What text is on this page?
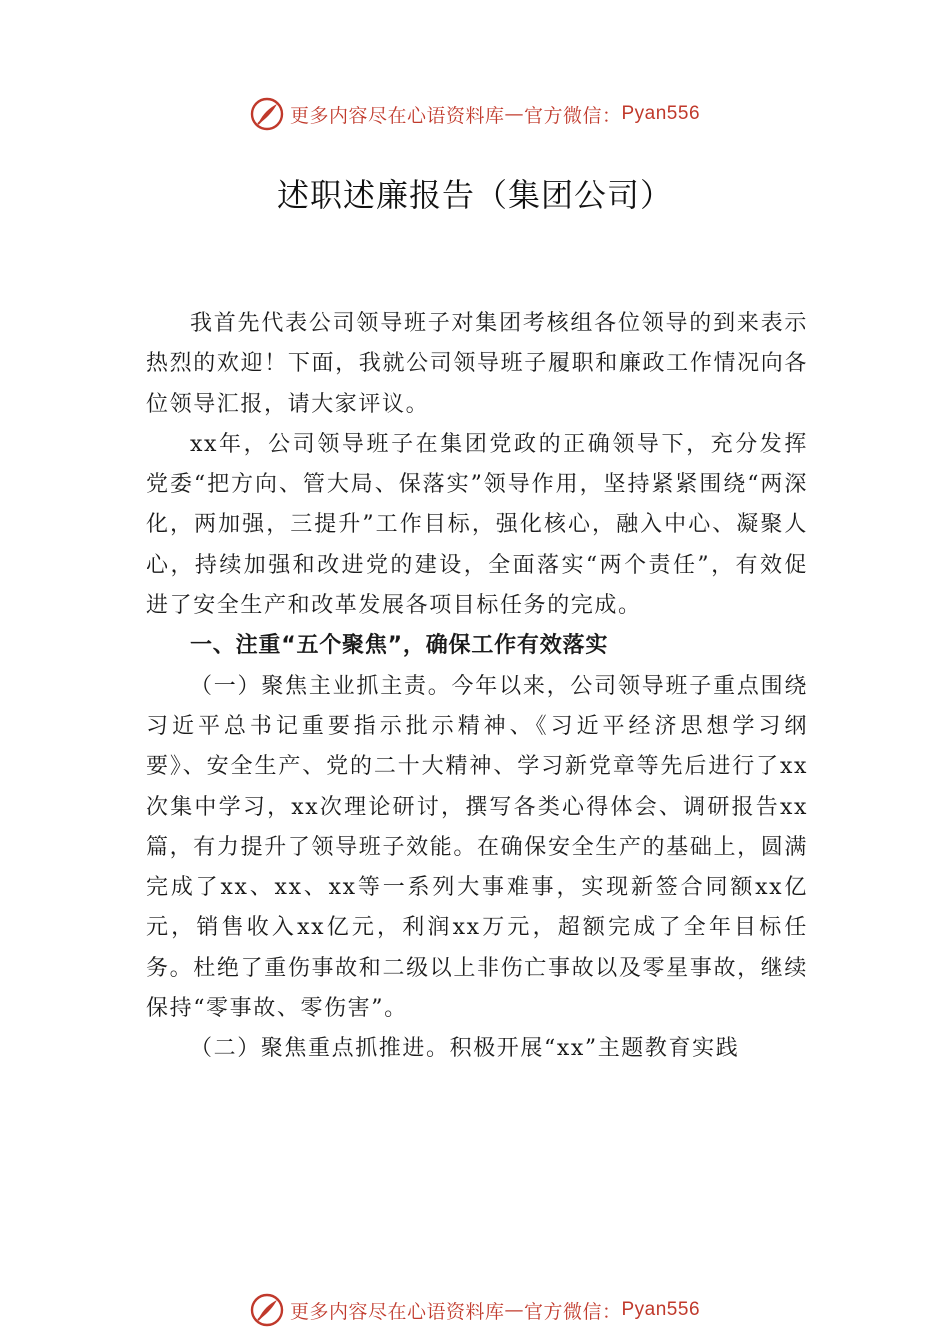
更多内容尽在心语资料库 — 官方微信： Pyan556
述职述廉报告（集团公司）

我首先代表公司领导班子对集团考核组各位领导的到来表示热烈的欢迎！下面，我就公司领导班子履职和廉政工作情况向各位领导汇报，请大家评议。

xx年，公司领导班子在集团党政的正确领导下，充分发挥党委“把方向、管大局、保落实”领导作用，坚持紧紧围绕“两深化，两加强，三提升”工作目标，强化核心，融入中心、凝聚人心，持续加强和改进党的建设，全面落实“两个责任”，有效促进了安全生产和改革发展各项目标任务的完成。

一、注重“五个聚焦”，确保工作有效落实

（一）聚焦主业抓主责。今年以来，公司领导班子重点围绕习近平总书记重要指示批示精神、《习近平经济思想学习纲要》、安全生产、党的二十大精神、学习新党章等先后进行了xx次集中学习，xx次理论研讨，撰写各类心得体会、调研报告xx篇，有力提升了领导班子效能。在确保安全生产的基础上，圆满完成了xx、xx、xx等一系列大事难事，实现新签合同额xx亿元，销售收入xx亿元，利润xx万元，超额完成了全年目标任务。杜绝了重伤事故和二级以上非伤亡事故以及零星事故，继续保持“零事故、零伤害”。

（二）聚焦重点抓推进。积极开展“xx”主题教育实践

更多内容尽在心语资料库 — 官方微信： Pyan556
